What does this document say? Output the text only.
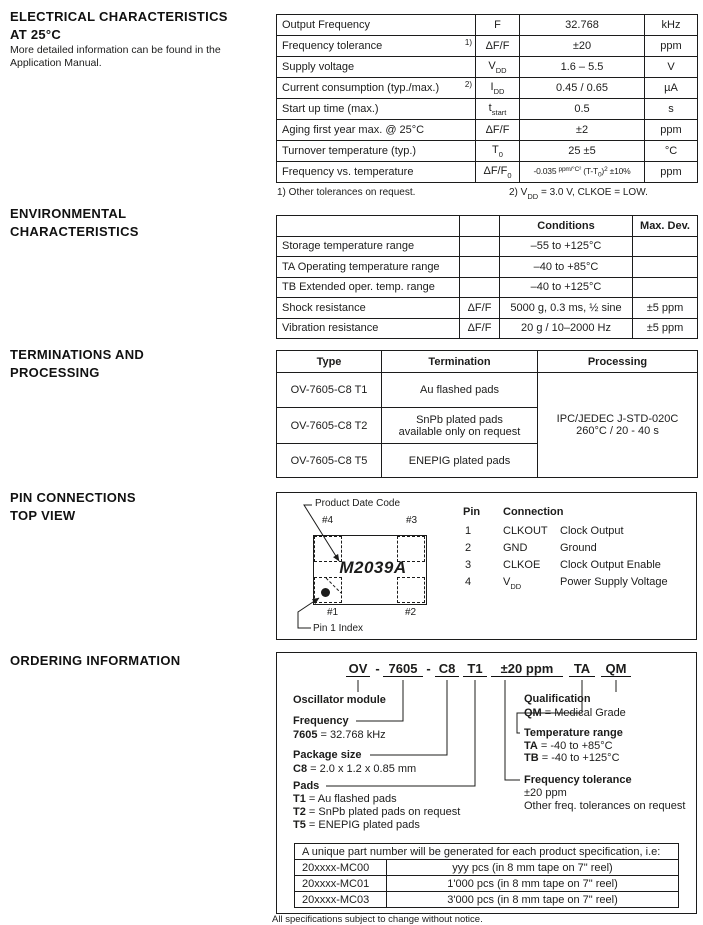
ELECTRICAL CHARACTERISTICS
AT 25°C
More detailed information can be found in the
Application Manual.
ENVIRONMENTAL
CHARACTERISTICS
TERMINATIONS AND
PROCESSING
PIN CONNECTIONS
TOP VIEW
ORDERING INFORMATION
Output Frequency	F	32.768	kHz
Frequency tolerance 1)	ΔF/F	±20	ppm
Supply voltage	$V_{DD}$	1.6 – 5.5	V
Current consumption (typ./max.) 2)	$I_{DD}$	0.45 / 0.65	µA
Start up time (max.)	$t_{start}$	0.5	s
Aging first year max. @ 25°C	ΔF/F	±2	ppm
Turnover temperature (typ.)	$T_0$	25 ±5	°C
Frequency vs. temperature	$\Delta F/F_0$	-0.035 $^{ppm/^\circ C^2}$ $(T-T_0)^2 \pm 10\%$	ppm
1) Other tolerances on request.	2) $V_{DD} = 3.0$ V, CLKOE = LOW.
		Conditions	Max. Dev.
Storage temperature range		–55 to +125°C	
TA Operating temperature range		–40 to +85°C	
TB Extended oper. temp. range		–40 to +125°C	
Shock resistance	ΔF/F	5000 g, 0.3 ms, ½ sine	±5 ppm
Vibration resistance	ΔF/F	20 g / 10–2000 Hz	±5 ppm
Type	Termination	Processing
OV-7605-C8 T1	Au flashed pads	IPC/JEDEC J-STD-020C
260°C / 20 - 40 s

OV-7605-C8 T2	SnPb plated pads
available only on request	

OV-7605-C8 T5	ENEPIG plated pads	
Product Date Code
#4	#3
M2039A
#1	#2
Pin 1 Index
Pin Connection
1	CLKOUT Clock Output
2	GND	Ground
3	CLKOE Clock Output Enable
4	$V_{DD}$	Power Supply Voltage
OV - 7605 - C8 T1	±20 ppm	TA	QM
Oscillator module
Frequency
7605 = 32.768 kHz
Package size
C8 = 2.0 x 1.2 x 0.85 mm
Pads
T1 = Au flashed pads
T2 = SnPb plated pads on request
T5 = ENEPIG plated pads
Qualification
QM = Medical Grade
Temperature range
TA = -40 to +85°C
TB = -40 to +125°C
Frequency tolerance
±20 ppm
Other freq. tolerances on request
A unique part number will be generated for each product specification, i.e:	
20xxxx-MC00	yyy pcs (in 8 mm tape on 7" reel)
20xxxx-MC01	1'000 pcs (in 8 mm tape on 7" reel)
20xxxx-MC03	3'000 pcs (in 8 mm tape on 7" reel)
All specifications subject to change without notice.
